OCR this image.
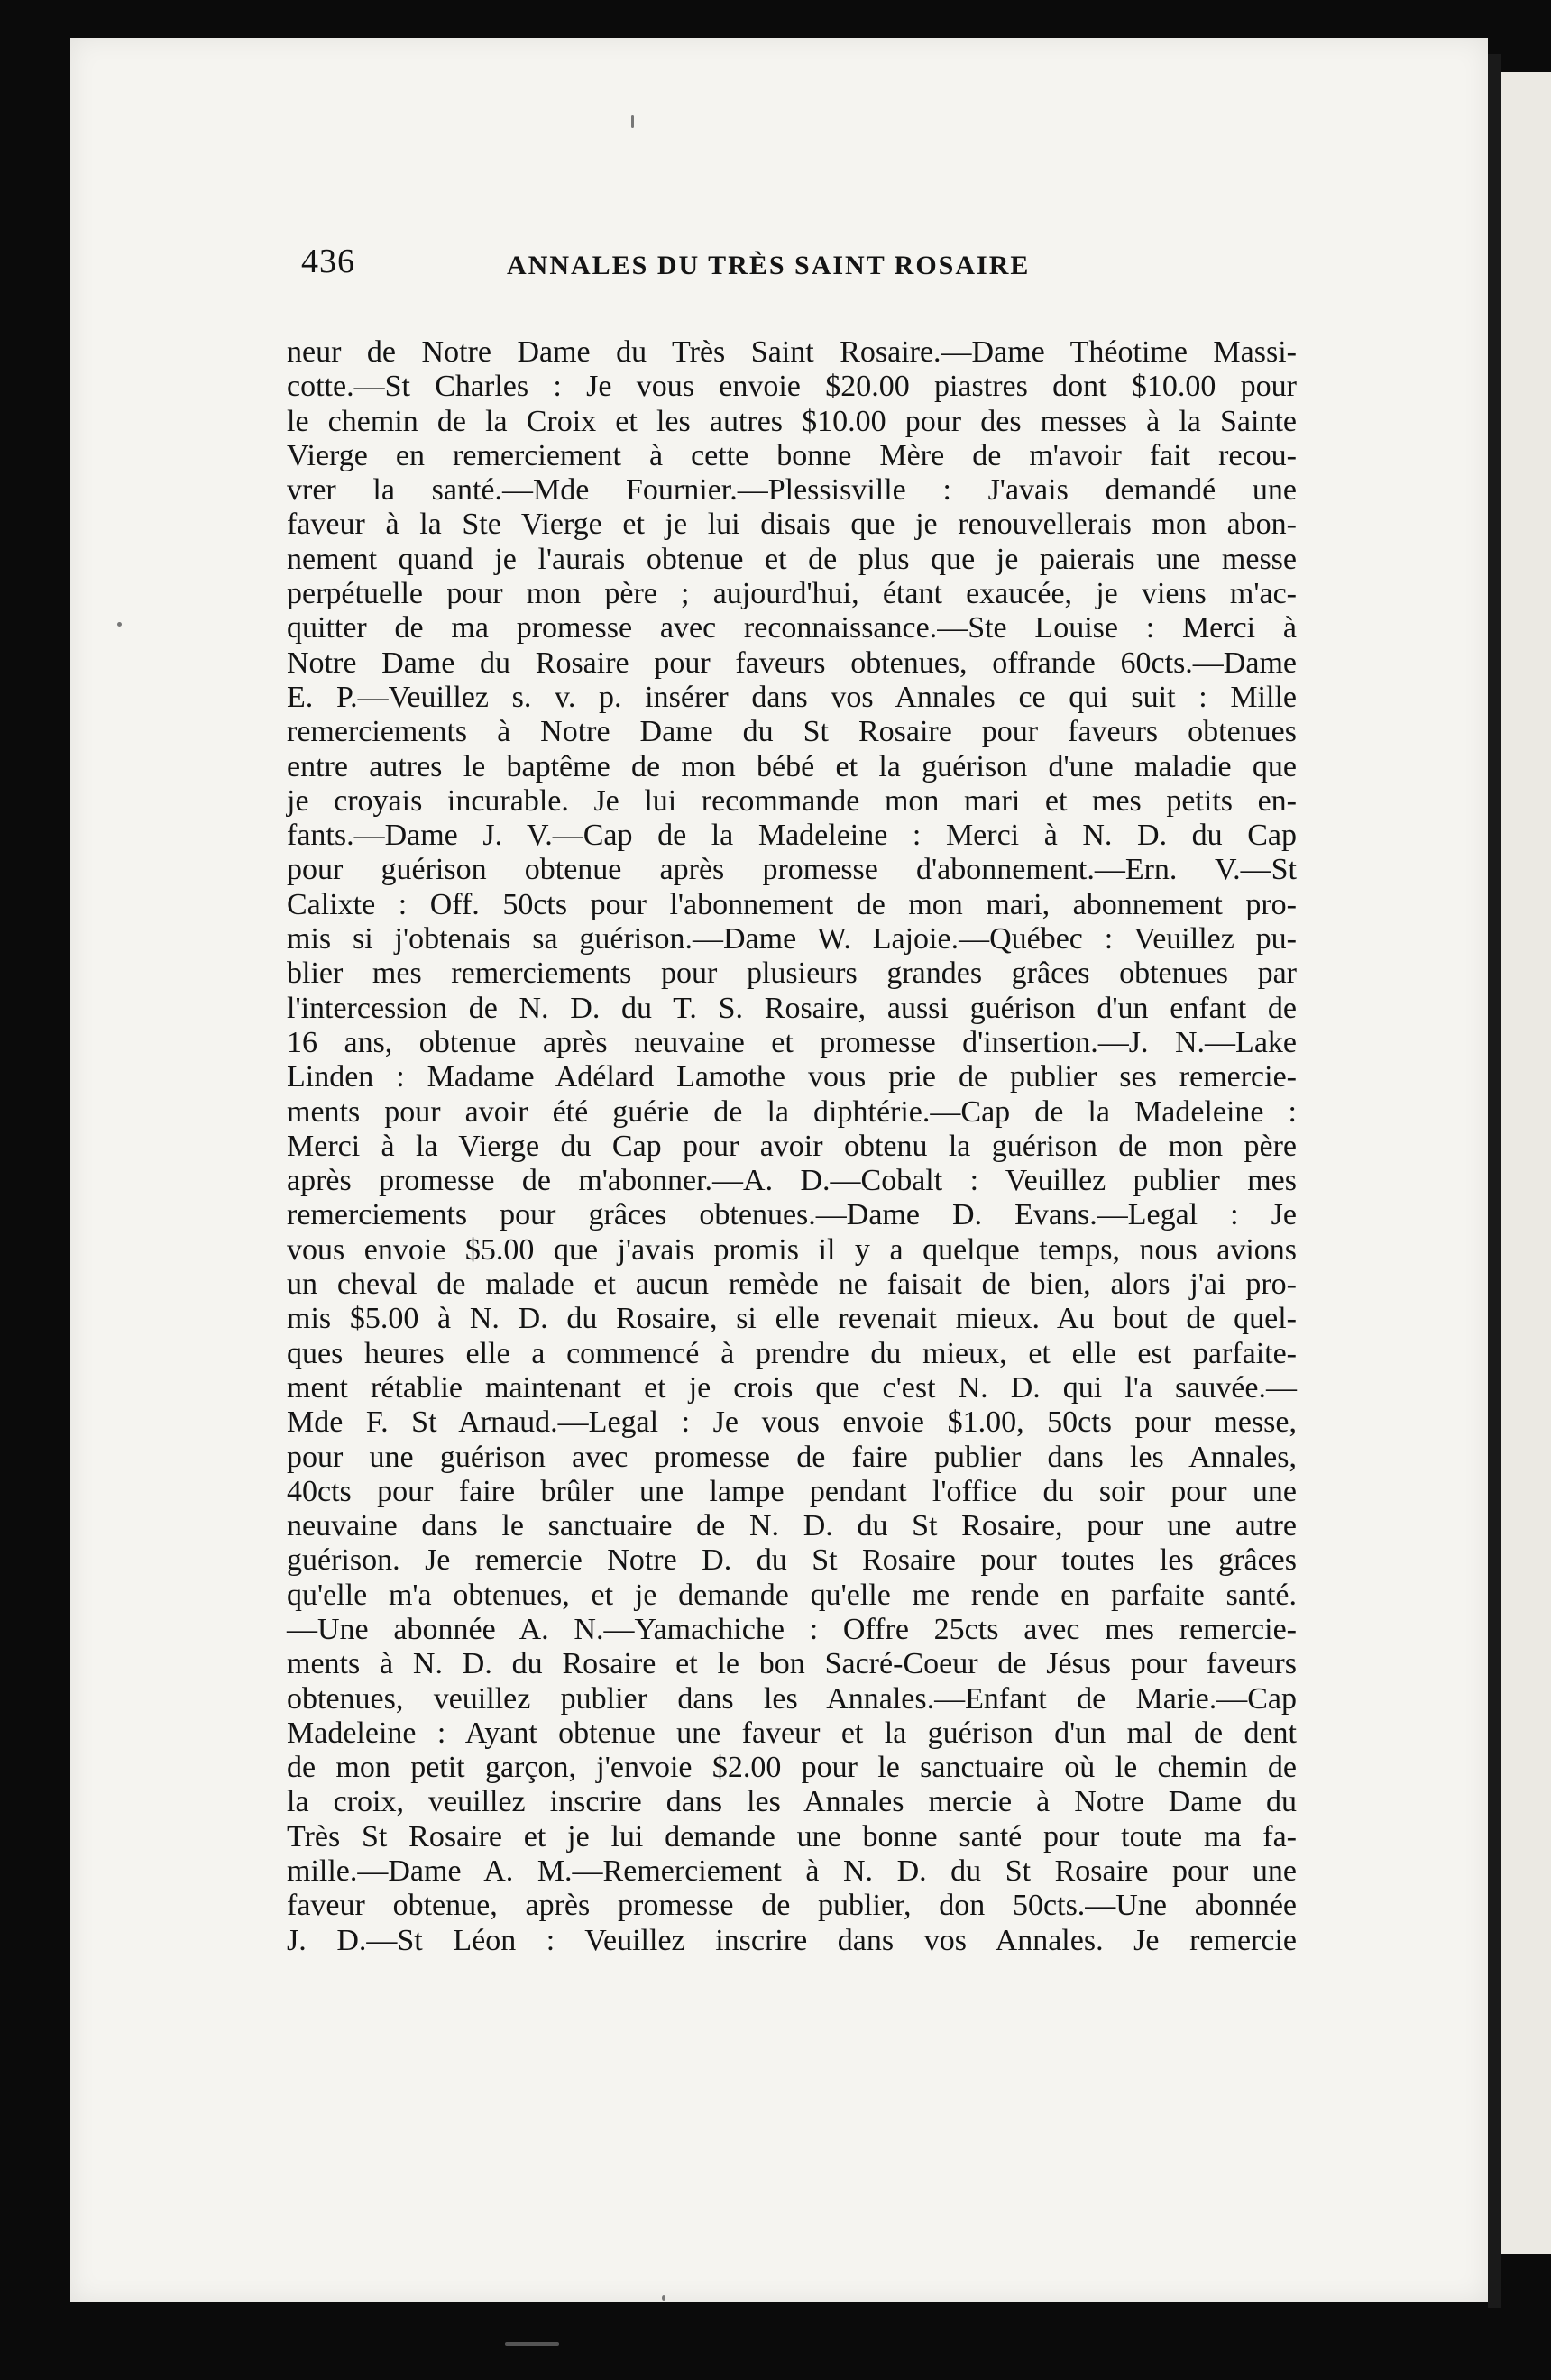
436	ANNALES DU TRÈS SAINT ROSAIRE
neur de Notre Dame du Très Saint Rosaire.—Dame Théotime Massi-
cotte.—St Charles : Je vous envoie $20.00 piastres dont $10.00 pour
le chemin de la Croix et les autres $10.00 pour des messes à la Sainte
Vierge en remerciement à cette bonne Mère de m'avoir fait recou-
vrer la santé.—Mde Fournier.—Plessisville : J'avais demandé une
faveur à la Ste Vierge et je lui disais que je renouvellerais mon abon-
nement quand je l'aurais obtenue et de plus que je paierais une messe
perpétuelle pour mon père ; aujourd'hui, étant exaucée, je viens m'ac-
quitter de ma promesse avec reconnaissance.—Ste Louise : Merci à
Notre Dame du Rosaire pour faveurs obtenues, offrande 60cts.—Dame
E. P.—Veuillez s. v. p. insérer dans vos Annales ce qui suit : Mille
remerciements à Notre Dame du St Rosaire pour faveurs obtenues
entre autres le baptême de mon bébé et la guérison d'une maladie que
je croyais incurable. Je lui recommande mon mari et mes petits en-
fants.—Dame J. V.—Cap de la Madeleine : Merci à N. D. du Cap
pour guérison obtenue après promesse d'abonnement.—Ern. V.—St
Calixte : Off. 50cts pour l'abonnement de mon mari, abonnement pro-
mis si j'obtenais sa guérison.—Dame W. Lajoie.—Québec : Veuillez pu-
blier mes remerciements pour plusieurs grandes grâces obtenues par
l'intercession de N. D. du T. S. Rosaire, aussi guérison d'un enfant de
16 ans, obtenue après neuvaine et promesse d'insertion.—J. N.—Lake
Linden : Madame Adélard Lamothe vous prie de publier ses remercie-
ments pour avoir été guérie de la diphtérie.—Cap de la Madeleine :
Merci à la Vierge du Cap pour avoir obtenu la guérison de mon père
après promesse de m'abonner.—A. D.—Cobalt : Veuillez publier mes
remerciements pour grâces obtenues.—Dame D. Evans.—Legal : Je
vous envoie $5.00 que j'avais promis il y a quelque temps, nous avions
un cheval de malade et aucun remède ne faisait de bien, alors j'ai pro-
mis $5.00 à N. D. du Rosaire, si elle revenait mieux. Au bout de quel-
ques heures elle a commencé à prendre du mieux, et elle est parfaite-
ment rétablie maintenant et je crois que c'est N. D. qui l'a sauvée.—
Mde F. St Arnaud.—Legal : Je vous envoie $1.00, 50cts pour messe,
pour une guérison avec promesse de faire publier dans les Annales,
40cts pour faire brûler une lampe pendant l'office du soir pour une
neuvaine dans le sanctuaire de N. D. du St Rosaire, pour une autre
guérison. Je remercie Notre D. du St Rosaire pour toutes les grâces
qu'elle m'a obtenues, et je demande qu'elle me rende en parfaite santé.
—Une abonnée A. N.—Yamachiche : Offre 25cts avec mes remercie-
ments à N. D. du Rosaire et le bon Sacré-Coeur de Jésus pour faveurs
obtenues, veuillez publier dans les Annales.—Enfant de Marie.—Cap
Madeleine : Ayant obtenue une faveur et la guérison d'un mal de dent
de mon petit garçon, j'envoie $2.00 pour le sanctuaire où le chemin de
la croix, veuillez inscrire dans les Annales mercie à Notre Dame du
Très St Rosaire et je lui demande une bonne santé pour toute ma fa-
mille.—Dame A. M.—Remerciement à N. D. du St Rosaire pour une
faveur obtenue, après promesse de publier, don 50cts.—Une abonnée
J. D.—St Léon : Veuillez inscrire dans vos Annales. Je remercie
